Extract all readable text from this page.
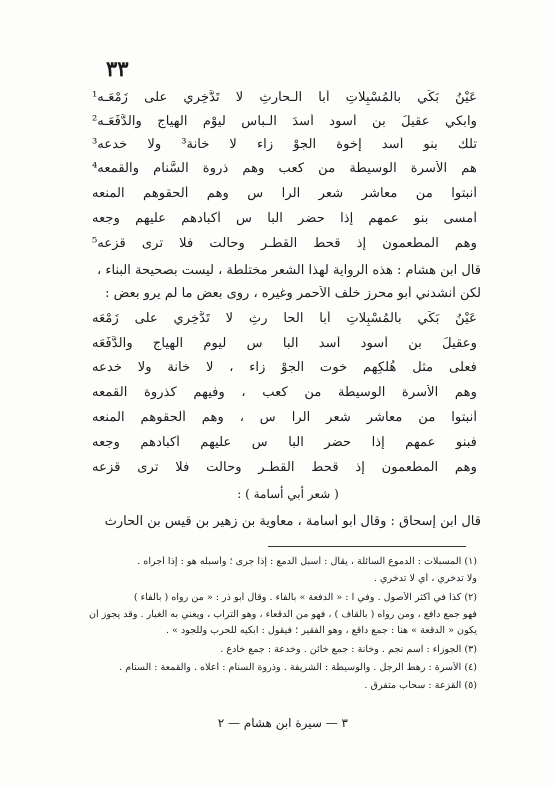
٣٣
عَيْنُ بَكِّي بالمُسْبِلاتِ أبا الْـحارثِ لا تَدَّخِري على زَمْعَـه¹
وابكي عقيلَ بن أسود أسدَ الْـبأسِ ليوْمِ الهياج والدَّفَعَـه²
تلك بنو أسد إخوة الجوْ زاء لا خانة³ ولا خدعه³
هم الأسرة الوسيطة من كعب وهم ذروة السَّنام والقمعه⁴
أنبتوا من معاشر شعر الرا س وهم ألحقوهم المنعه
أمسى بنو عمهم إذا حضر البا س أكبادهم عليهم وجعه
وهم المطعمون إذ قحط القطـر وحالت فلا ترى قزعه⁵
قال ابن هشام : هذه الرواية لهذا الشعر مختلطة ، ليست بصحيحة البناء ،
لكن أنشدني أبو محرز خلف الأحمر وغيره ، روى بعض ما لم يرو بعض :
عَيْنُ بَكِّي بالمُسْبِلاتِ أبا الحا رثِ لا تَدَّخِري على زَمْعَه
وعقيلَ بن أسود أسد البا س ليوم الهياج والدَّفَعَه
فعلى مثل هُلْكِهم خوت الجوْ زاء ، لا خانة ولا خدعه
وهم الأسرة الوسيطة من كعب ، وفيهم كذروة القمعه
أنبتوا من معاشر شعر الرا س ، وهم ألحقوهم المنعه
فبنو عمهم إذا حضر البا س عليهم أكبادهم وجعه
وهم المطعمون إذ قحط القطـر وحالت فلا ترى قزعه
( شعر أبي أسامة ) :
قال ابن إسحاق : وقال أبو أسامة ، معاوية بن زهير بن قيس بن الحارث
(١) المسبلات : الدموع السائلة ، يقال : أسبل الدمع : إذا جرى ؛ وأسبله هو : إذا أجراه .
ولا تدخري ، أي لا تدخري .
(٢) كذا في أكثر الأصول . وفي ا : « الدفعة » بالفاء . وقال أبو ذر : « من رواه ( بالفاء )
فهو جمع دافع ، ومن رواه ( بالقاف ) ، فهو من الدقعاء ، وهو التراب ، ويعني به الغبار . وقد يجوز أن
يكون « الدقعة » هنا : جمع داقع ، وهو الفقير ؛ فيقول : ابكيه للحرب وللجود » .
(٣) الجوزاء : اسم نجم . وخانة : جمع خائن . وخدعة : جمع خادع .
(٤) الأسرة : رهط الرجل . والوسيطة : الشريفة . وذروة السنام : أعلاه . والقمعة : السنام .
(٥) القزعة : سحاب متفرق .
٣ — سيرة ابن هشام — ٢
